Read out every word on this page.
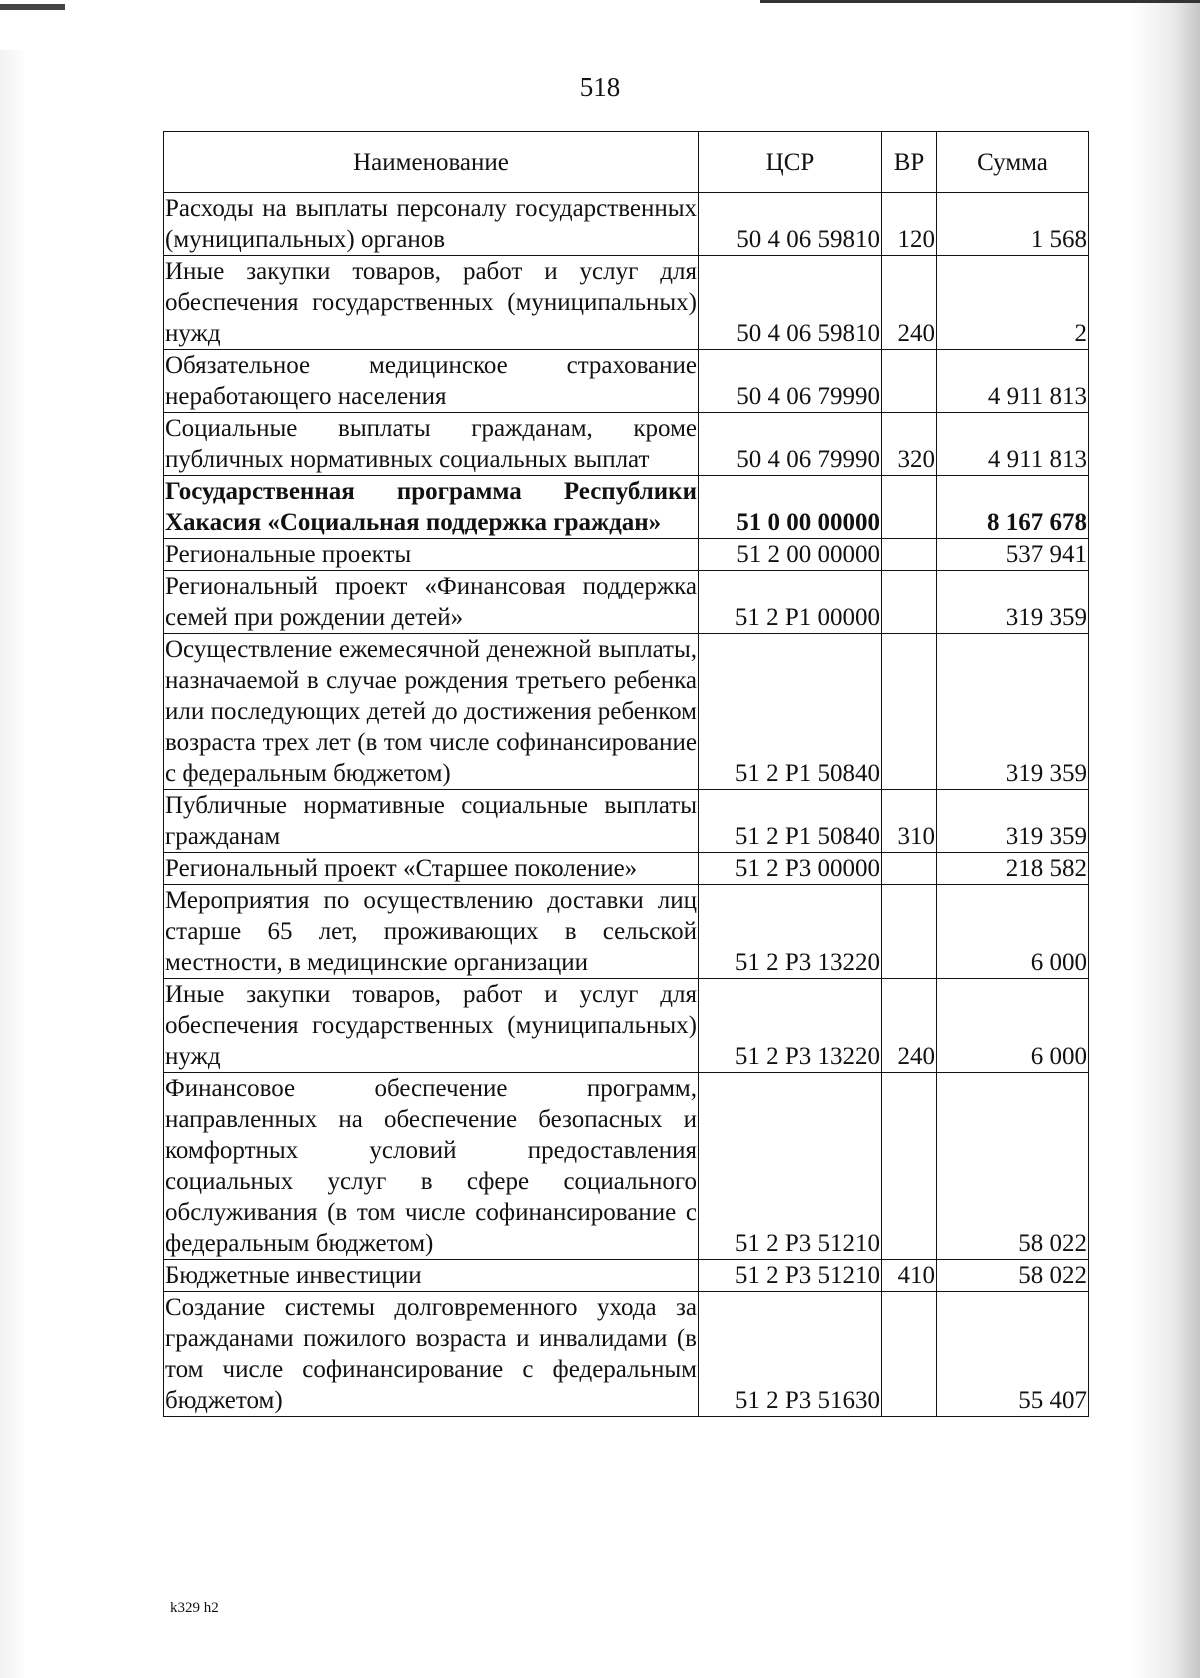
518
Наименование	ЦСР	ВР	Сумма
Расходы на выплаты персоналу государственных (муниципальных) органов	50 4 06 59810	120	1 568
Иные закупки товаров, работ и услуг для обеспечения государственных (муниципальных) нужд	50 4 06 59810	240	2
Обязательное медицинское страхование неработающего населения	50 4 06 79990		4 911 813
Социальные выплаты гражданам, кроме публичных нормативных социальных выплат	50 4 06 79990	320	4 911 813
Государственная программа Республики Хакасия «Социальная поддержка граждан»	51 0 00 00000		8 167 678
Региональные проекты	51 2 00 00000		537 941
Региональный проект «Финансовая поддержка семей при рождении детей»	51 2 P1 00000		319 359
Осуществление ежемесячной денежной выплаты, назначаемой в случае рождения третьего ребенка или последующих детей до достижения ребенком возраста трех лет (в том числе софинансирование с федеральным бюджетом)	51 2 P1 50840		319 359
Публичные нормативные социальные выплаты гражданам	51 2 P1 50840	310	319 359
Региональный проект «Старшее поколение»	51 2 P3 00000		218 582
Мероприятия по осуществлению доставки лиц старше 65 лет, проживающих в сельской местности, в медицинские организации	51 2 P3 13220		6 000
Иные закупки товаров, работ и услуг для обеспечения государственных (муниципальных) нужд	51 2 P3 13220	240	6 000
Финансовое обеспечение программ, направленных на обеспечение безопасных и комфортных условий предоставления социальных услуг в сфере социального обслуживания (в том числе софинансирование с федеральным бюджетом)	51 2 P3 51210		58 022
Бюджетные инвестиции	51 2 P3 51210	410	58 022
Создание системы долговременного ухода за гражданами пожилого возраста и инвалидами (в том числе софинансирование с федеральным бюджетом)	51 2 P3 51630		55 407
k329 h2
